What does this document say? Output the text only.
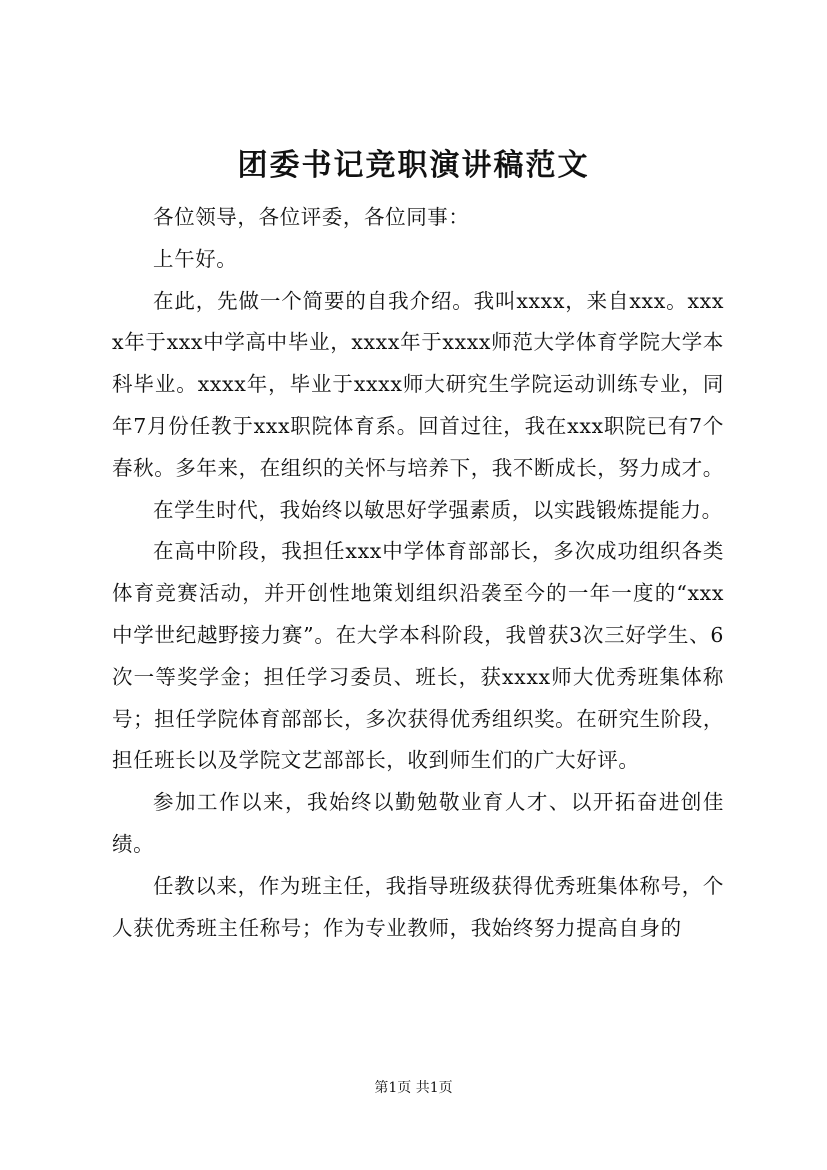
团委书记竞职演讲稿范文

各位领导，各位评委，各位同事：

上午好。

在此，先做一个简要的自我介绍。我叫xxxx，来自xxx。xxxx年于xxx中学高中毕业，xxxx年于xxxx师范大学体育学院大学本科毕业。xxxx年，毕业于xxxx师大研究生学院运动训练专业，同年7月份任教于xxx职院体育系。回首过往，我在xxx职院已有7个春秋。多年来，在组织的关怀与培养下，我不断成长，努力成才。

在学生时代，我始终以敏思好学强素质，以实践锻炼提能力。

在高中阶段，我担任xxx中学体育部部长，多次成功组织各类体育竞赛活动，并开创性地策划组织沿袭至今的一年一度的“xxx中学世纪越野接力赛”。在大学本科阶段，我曾获3次三好学生、6次一等奖学金；担任学习委员、班长，获xxxx师大优秀班集体称号；担任学院体育部部长，多次获得优秀组织奖。在研究生阶段，担任班长以及学院文艺部部长，收到师生们的广大好评。

参加工作以来，我始终以勤勉敬业育人才、以开拓奋进创佳绩。

任教以来，作为班主任，我指导班级获得优秀班集体称号，个人获优秀班主任称号；作为专业教师，我始终努力提高自身的

第1页 共1页
